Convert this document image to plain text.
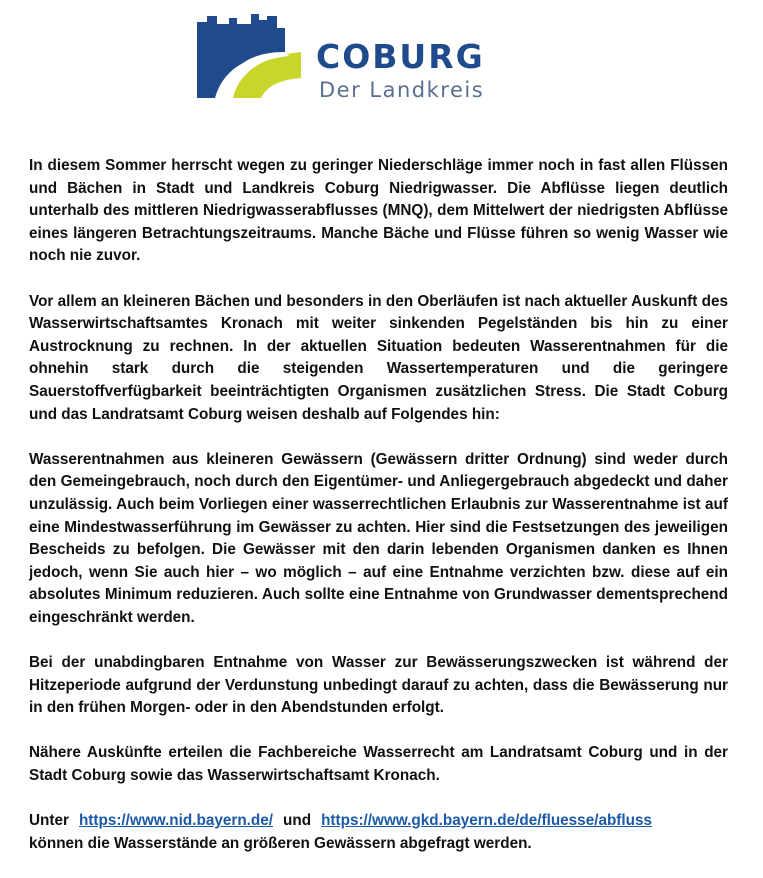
COBURG
Der Landkreis

In diesem Sommer herrscht wegen zu geringer Niederschläge immer noch in fast allen Flüssen und Bächen in Stadt und Landkreis Coburg Niedrigwasser. Die Abflüsse liegen deutlich unterhalb des mittleren Niedrigwasserabflusses (MNQ), dem Mittelwert der niedrigsten Abflüsse eines längeren Betrachtungszeitraums. Manche Bäche und Flüsse führen so wenig Wasser wie noch nie zuvor.

Vor allem an kleineren Bächen und besonders in den Oberläufen ist nach aktueller Auskunft des Wasserwirtschaftsamtes Kronach mit weiter sinkenden Pegelständen bis hin zu einer Austrocknung zu rechnen. In der aktuellen Situation bedeuten Wasserentnahmen für die ohnehin stark durch die steigenden Wassertemperaturen und die geringere Sauerstoffverfügbarkeit beeinträchtigten Organismen zusätzlichen Stress. Die Stadt Coburg und das Landratsamt Coburg weisen deshalb auf Folgendes hin:

Wasserentnahmen aus kleineren Gewässern (Gewässern dritter Ordnung) sind weder durch den Gemeingebrauch, noch durch den Eigentümer- und Anliegergebrauch abgedeckt und daher unzulässig. Auch beim Vorliegen einer wasserrechtlichen Erlaubnis zur Wasserentnahme ist auf eine Mindestwasserführung im Gewässer zu achten. Hier sind die Festsetzungen des jeweiligen Bescheids zu befolgen. Die Gewässer mit den darin lebenden Organismen danken es Ihnen jedoch, wenn Sie auch hier – wo möglich – auf eine Entnahme verzichten bzw. diese auf ein absolutes Minimum reduzieren. Auch sollte eine Entnahme von Grundwasser dementsprechend eingeschränkt werden.

Bei der unabdingbaren Entnahme von Wasser zur Bewässerungszwecken ist während der Hitzeperiode aufgrund der Verdunstung unbedingt darauf zu achten, dass die Bewässerung nur in den frühen Morgen- oder in den Abendstunden erfolgt.

Nähere Auskünfte erteilen die Fachbereiche Wasserrecht am Landratsamt Coburg und in der Stadt Coburg sowie das Wasserwirtschaftsamt Kronach.

Unter https://www.nid.bayern.de/ und https://www.gkd.bayern.de/de/fluesse/abfluss
können die Wasserstände an größeren Gewässern abgefragt werden.
